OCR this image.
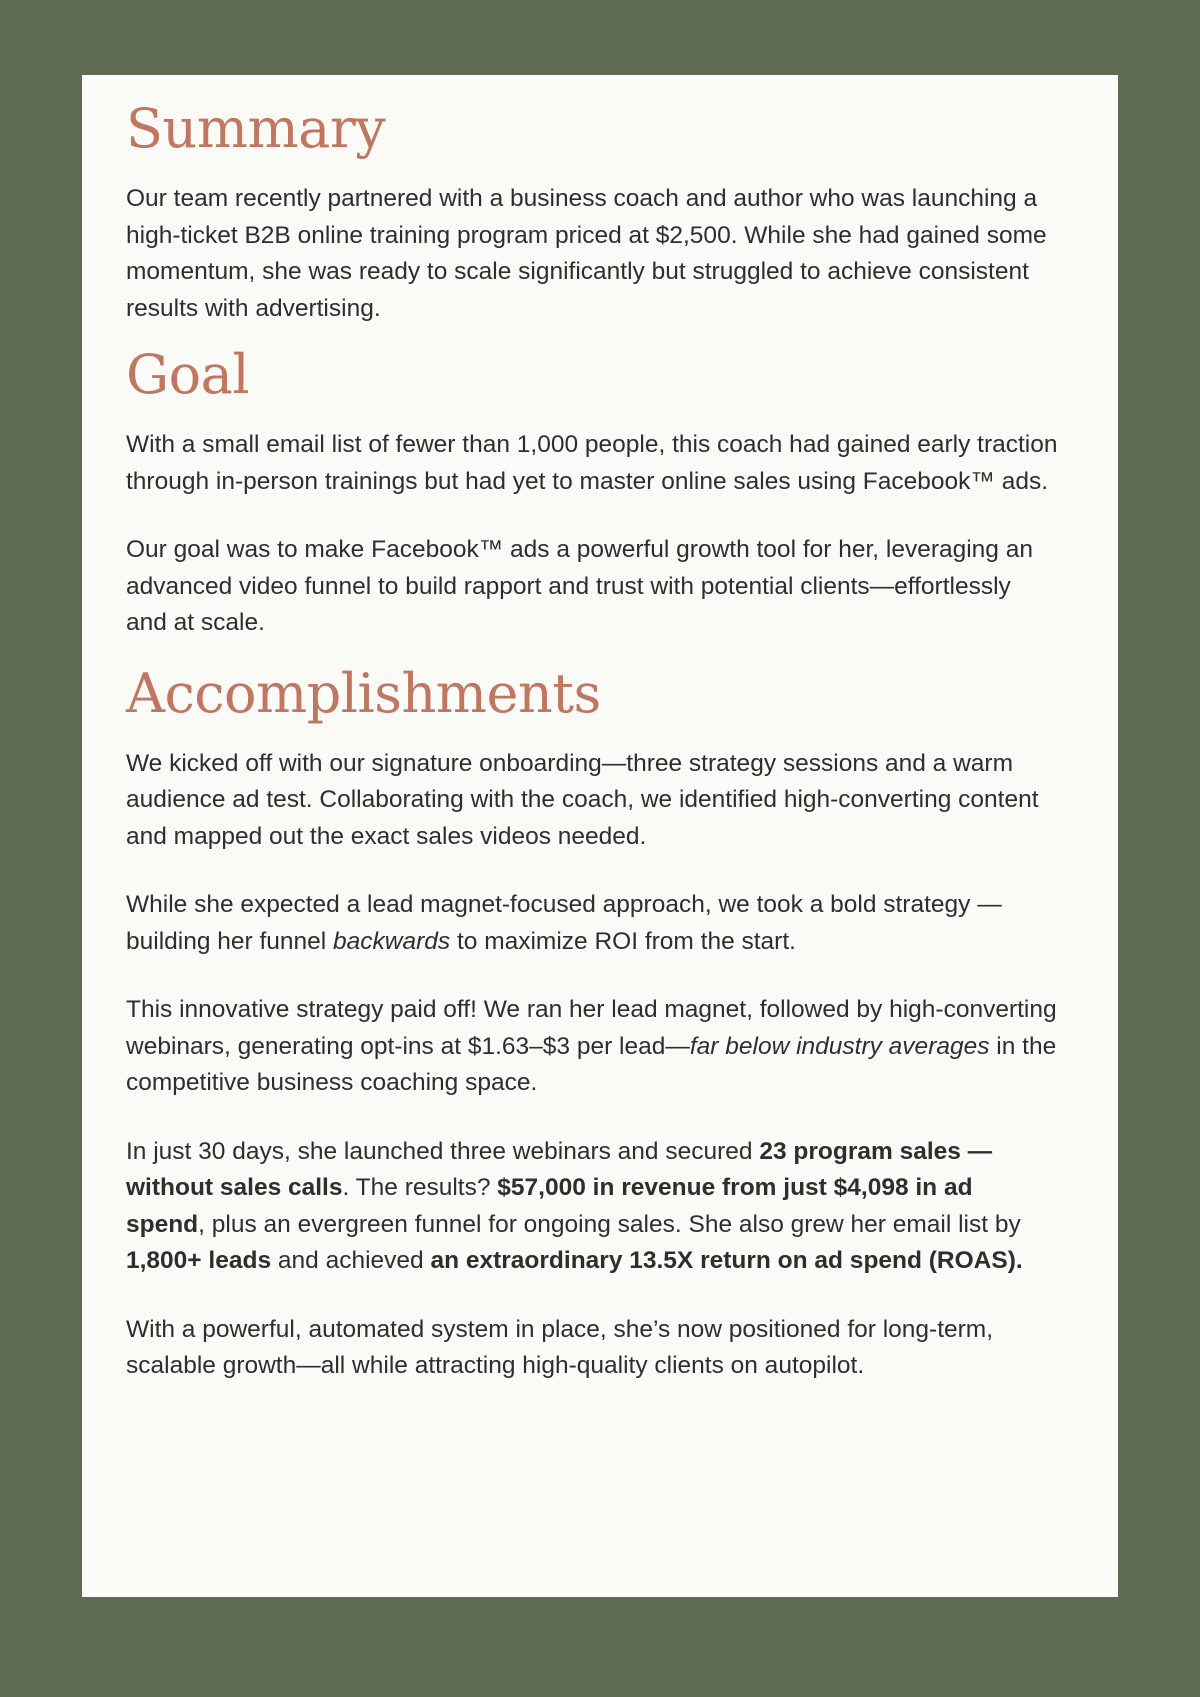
Summary

Our team recently partnered with a business coach and author who was launching a high-ticket B2B online training program priced at $2,500. While she had gained some momentum, she was ready to scale significantly but struggled to achieve consistent results with advertising.

Goal

With a small email list of fewer than 1,000 people, this coach had gained early traction through in-person trainings but had yet to master online sales using Facebook™ ads.

Our goal was to make Facebook™ ads a powerful growth tool for her, leveraging an advanced video funnel to build rapport and trust with potential clients—effortlessly and at scale.

Accomplishments

We kicked off with our signature onboarding—three strategy sessions and a warm audience ad test. Collaborating with the coach, we identified high-converting content and mapped out the exact sales videos needed.

While she expected a lead magnet-focused approach, we took a bold strategy —building her funnel backwards to maximize ROI from the start.

This innovative strategy paid off! We ran her lead magnet, followed by high-converting webinars, generating opt-ins at $1.63–$3 per lead—far below industry averages in the competitive business coaching space.

In just 30 days, she launched three webinars and secured 23 program sales —without sales calls. The results? $57,000 in revenue from just $4,098 in ad spend, plus an evergreen funnel for ongoing sales. She also grew her email list by 1,800+ leads and achieved an extraordinary 13.5X return on ad spend (ROAS).

With a powerful, automated system in place, she’s now positioned for long-term, scalable growth—all while attracting high-quality clients on autopilot.
